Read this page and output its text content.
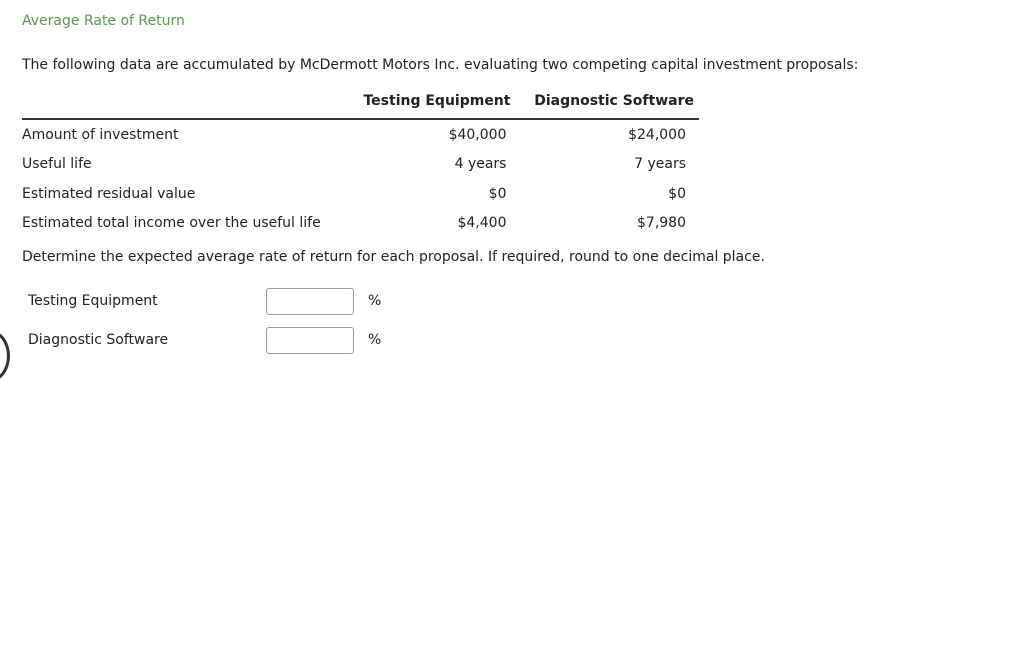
Average Rate of Return
The following data are accumulated by McDermott Motors Inc. evaluating two competing capital investment proposals:
	Testing Equipment	Diagnostic Software
Amount of investment	$40,000	$24,000
Useful life	4 years	7 years
Estimated residual value	$0	$0
Estimated total income over the useful life	$4,400	$7,980
Determine the expected average rate of return for each proposal. If required, round to one decimal place.
Testing Equipment	%
Diagnostic Software	%
